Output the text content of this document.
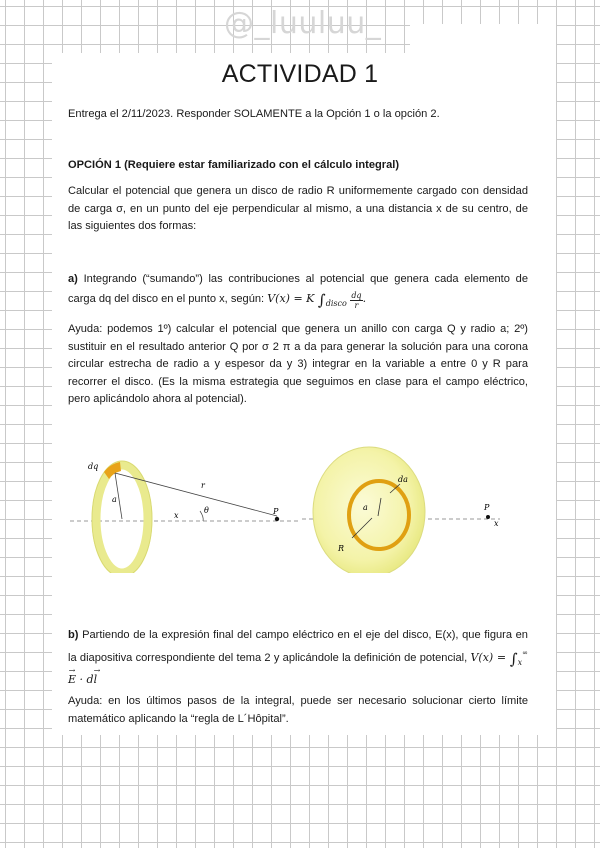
@_luuluu_
ACTIVIDAD 1

Entrega el 2/11/2023. Responder SOLAMENTE a la Opción 1 o la opción 2.

OPCIÓN 1 (Requiere estar familiarizado con el cálculo integral)

Calcular el potencial que genera un disco de radio R uniformemente cargado con densidad de carga σ, en un punto del eje perpendicular al mismo, a una distancia x de su centro, de las siguientes dos formas:

a) Integrando (“sumando”) las contribuciones al potencial que genera cada elemento de carga dq del disco en el punto x, según: V(x) = K $\int_{disco} \frac{dq}{r}$ .

Ayuda: podemos 1º) calcular el potencial que genera un anillo con carga Q y radio a; 2º) sustituir en el resultado anterior Q por σ 2 π a da para generar la solución para una corona circular estrecha de radio a y espesor da y 3) integrar en la variable a entre 0 y R para recorrer el disco. (Es la misma estrategia que seguimos en clase para el campo eléctrico, pero aplicándolo ahora al potencial).

dq
r
a
θ
x	P
da
a
R
P
x

b) Partiendo de la expresión final del campo eléctrico en el eje del disco, E(x), que figura en la diapositiva correspondiente del tema 2 y aplicándole la definición de potencial, $V(x) = \int_x^\infty \to E \cdot d\to l$

Ayuda: en los últimos pasos de la integral, puede ser necesario solucionar cierto límite matemático aplicando la “regla de L´Hôpital”.
